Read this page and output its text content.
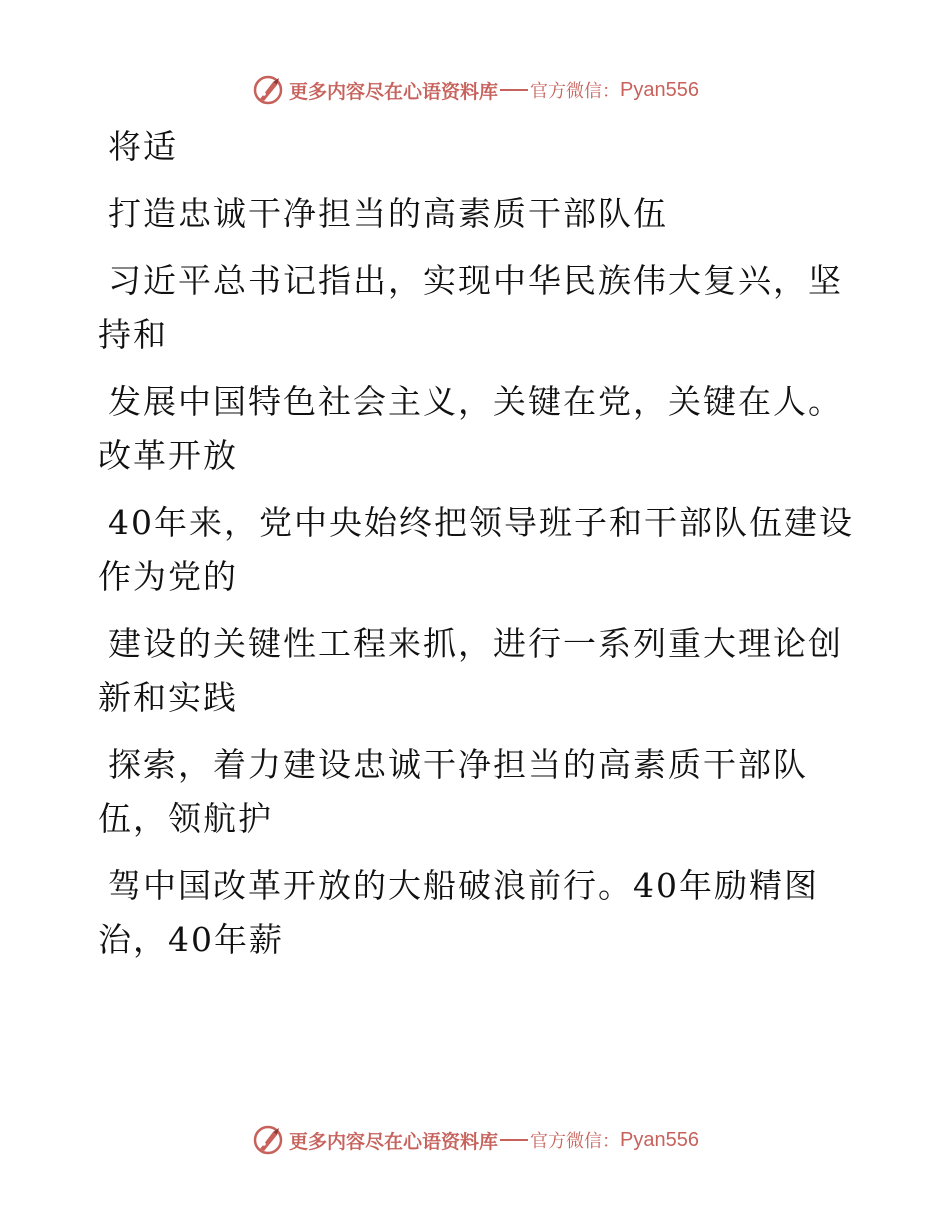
更多内容尽在心语资料库 官方微信： Pyan556
将适
打造忠诚干净担当的高素质干部队伍
习近平总书记指出，实现中华民族伟大复兴，坚
持和
发展中国特色社会主义，关键在党，关键在人。
改革开放
40年来，党中央始终把领导班子和干部队伍建设
作为党的
建设的关键性工程来抓，进行一系列重大理论创
新和实践
探索，着力建设忠诚干净担当的高素质干部队
伍，领航护
驾中国改革开放的大船破浪前行。40年励精图
治，40年薪
更多内容尽在心语资料库 官方微信： Pyan556
